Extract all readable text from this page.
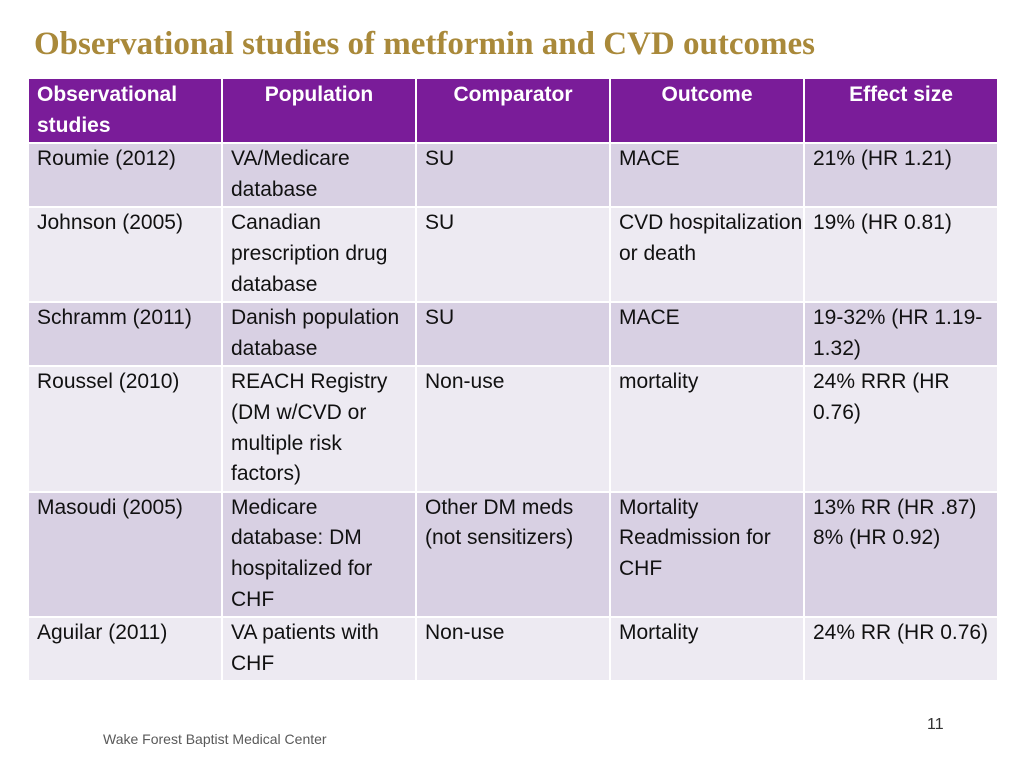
Observational studies of metformin and CVD outcomes
Observational studies	Population	Comparator	Outcome	Effect size
Roumie (2012)	VA/Medicare database	SU	MACE	21% (HR 1.21)
Johnson (2005)	Canadian prescription drug database	SU	CVD hospitalization or death	19% (HR 0.81)
Schramm (2011)	Danish population database	SU	MACE	19-32% (HR 1.19-1.32)
Roussel (2010)	REACH Registry (DM w/CVD or multiple risk factors)	Non-use	mortality	24% RRR (HR 0.76)
Masoudi (2005)	Medicare database: DM hospitalized for CHF	Other DM meds (not sensitizers)	Mortality Readmission for CHF	13% RR (HR .87) 8% (HR 0.92)
Aguilar (2011)	VA patients with CHF	Non-use	Mortality	24% RR (HR 0.76)
Wake Forest Baptist Medical Center
11
